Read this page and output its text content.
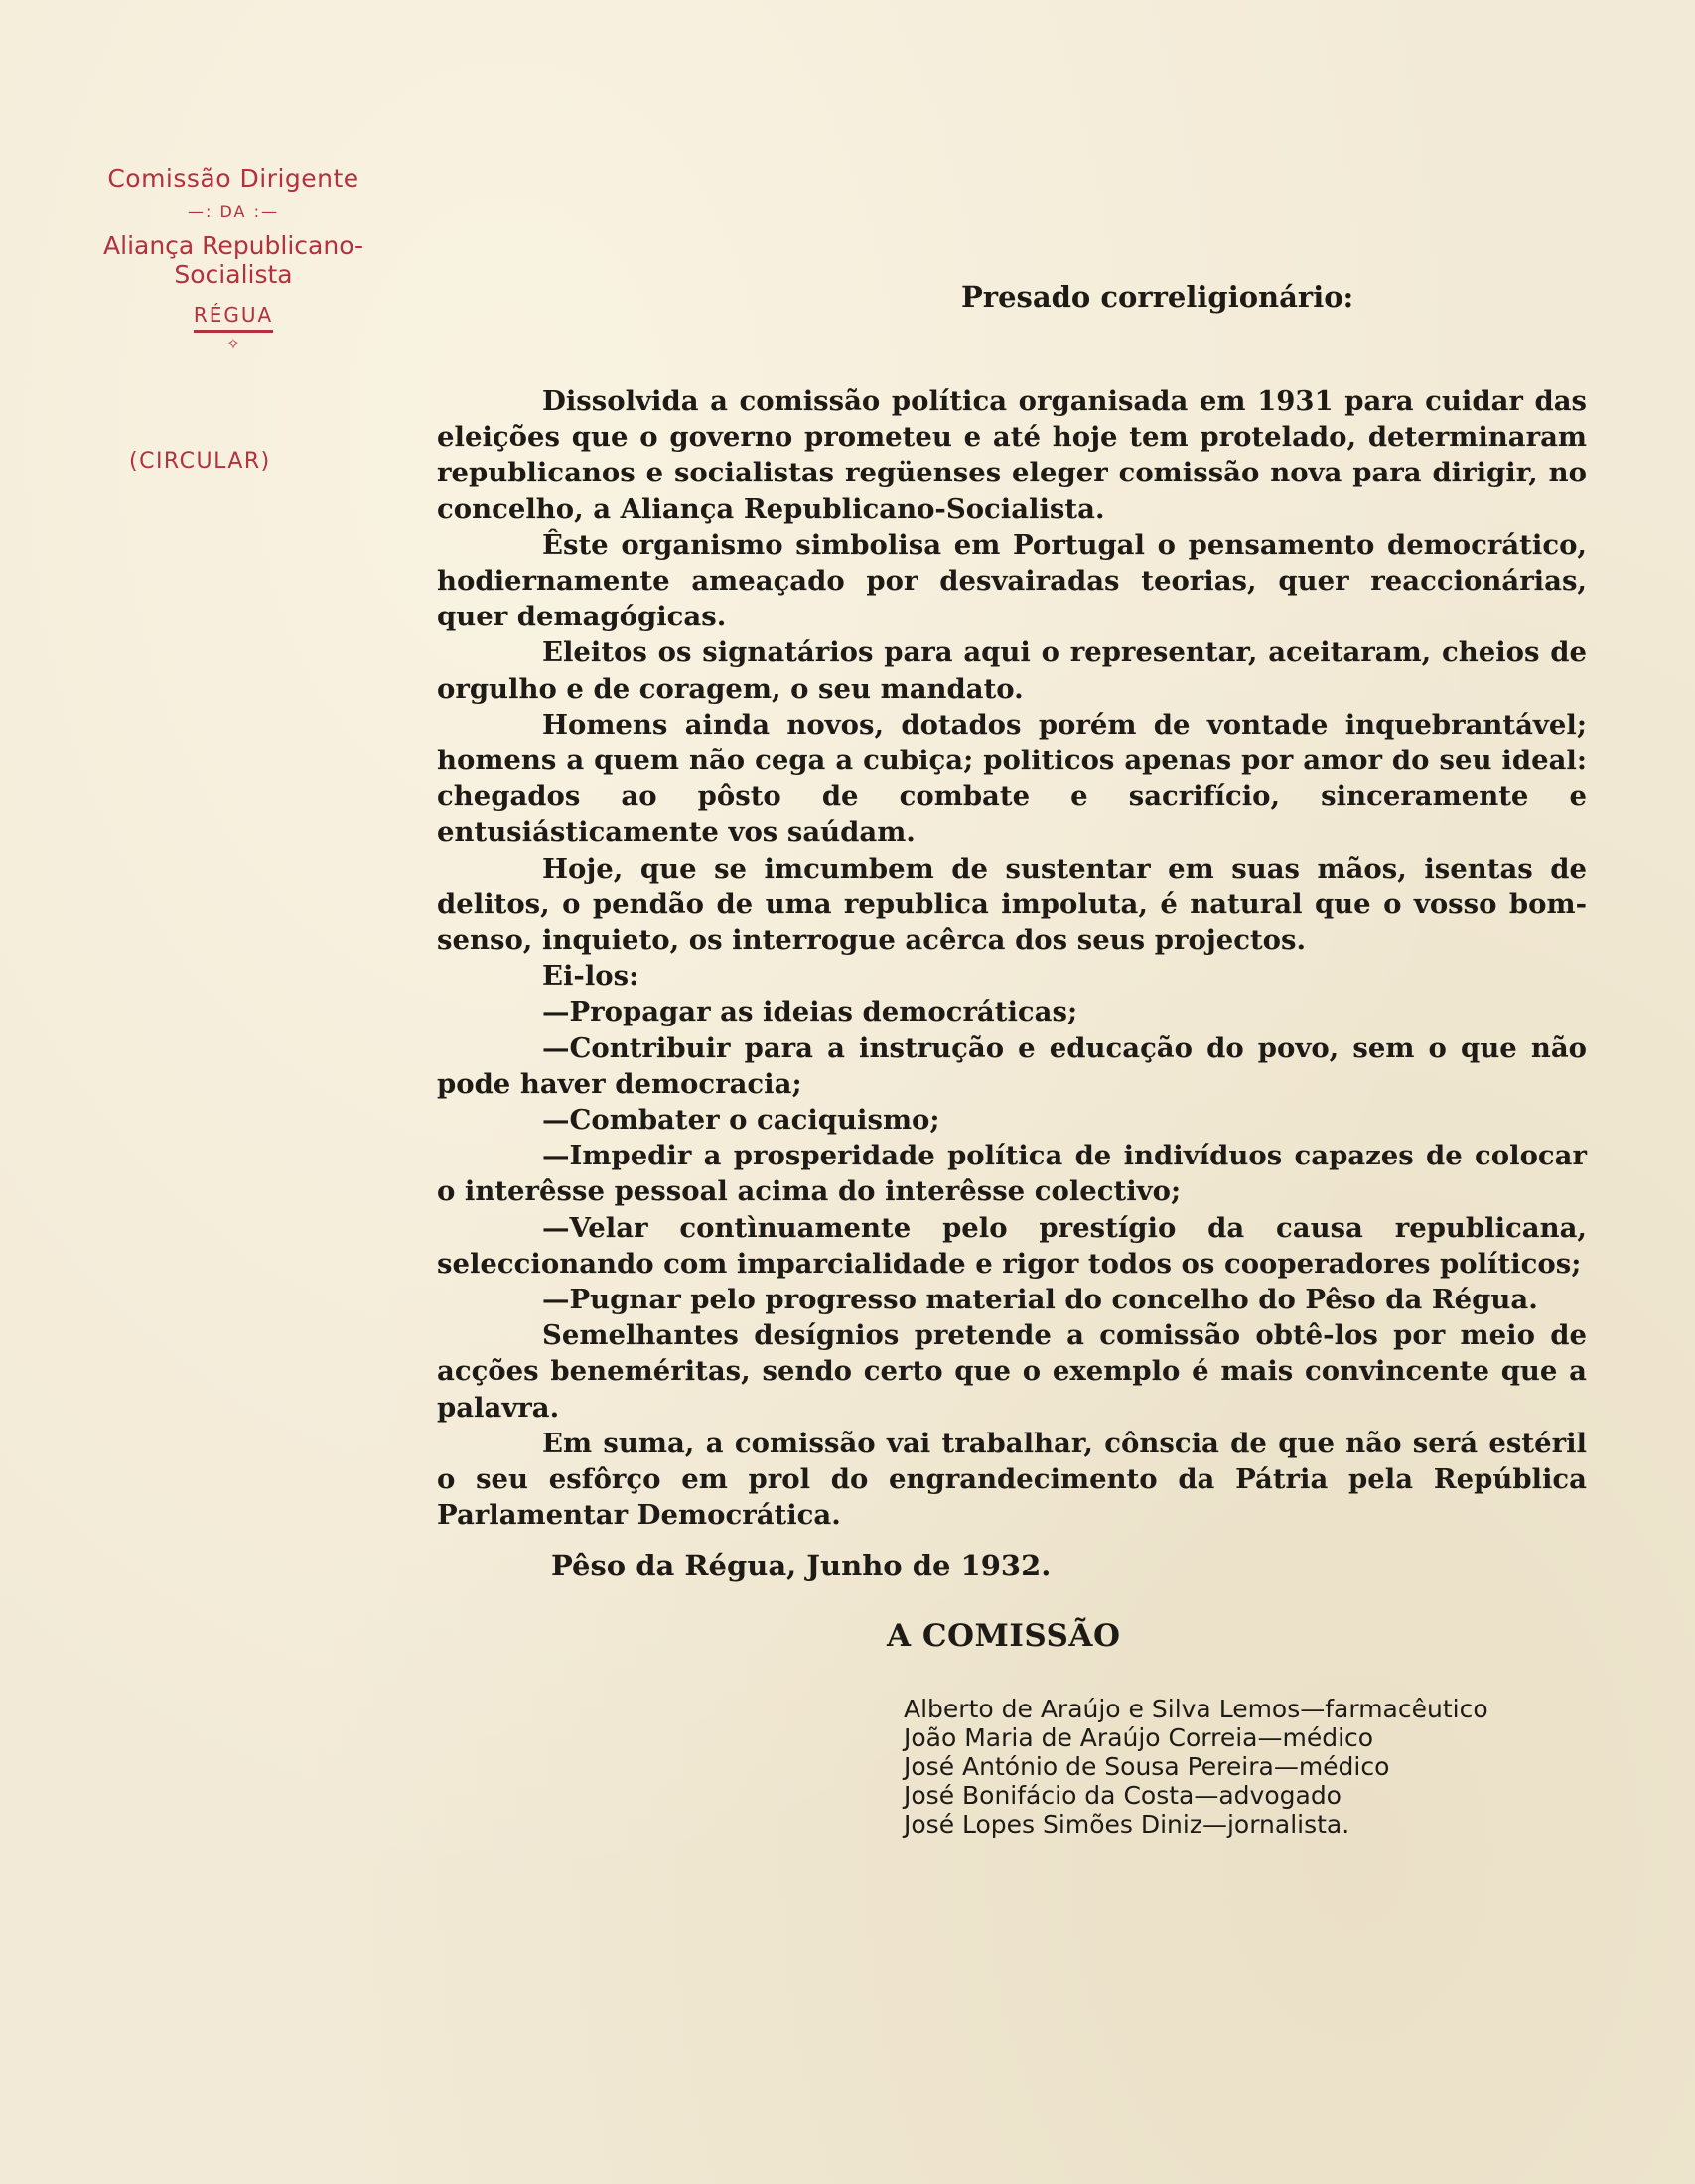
Comissão Dirigente
—: DA :—
Aliança Republicano-Socialista
RÉGUA
✧
(CIRCULAR)
Presado correligionário:

Dissolvida a comissão política organisada em 1931 para cuidar das eleições que o governo prometeu e até hoje tem protelado, determinaram republicanos e socialistas regüenses eleger comissão nova para dirigir, no concelho, a Aliança Republicano-Socialista.

Êste organismo simbolisa em Portugal o pensamento democrático, hodiernamente ameaçado por desvairadas teorias, quer reaccionárias, quer demagógicas.

Eleitos os signatários para aqui o representar, aceitaram, cheios de orgulho e de coragem, o seu mandato.

Homens ainda novos, dotados porém de vontade inquebrantável; homens a quem não cega a cubiça; politicos apenas por amor do seu ideal: chegados ao pôsto de combate e sacrifício, sinceramente e entusiásticamente vos saúdam.

Hoje, que se imcumbem de sustentar em suas mãos, isentas de delitos, o pendão de uma republica impoluta, é natural que o vosso bom-senso, inquieto, os interrogue acêrca dos seus projectos.

Ei-los:

—Propagar as ideias democráticas;

—Contribuir para a instrução e educação do povo, sem o que não pode haver democracia;

—Combater o caciquismo;

—Impedir a prosperidade política de indivíduos capazes de colocar o interêsse pessoal acima do interêsse colectivo;

—Velar contìnuamente pelo prestígio da causa republicana, seleccionando com imparcialidade e rigor todos os cooperadores políticos;

—Pugnar pelo progresso material do concelho do Pêso da Régua.

Semelhantes desígnios pretende a comissão obtê-los por meio de acções beneméritas, sendo certo que o exemplo é mais convincente que a palavra.

Em suma, a comissão vai trabalhar, cônscia de que não será estéril o seu esfôrço em prol do engrandecimento da Pátria pela República Parlamentar Democrática.

Pêso da Régua, Junho de 1932.
A COMISSÃO
Alberto de Araújo e Silva Lemos—farmacêutico
João Maria de Araújo Correia—médico
José António de Sousa Pereira—médico
José Bonifácio da Costa—advogado
José Lopes Simões Diniz—jornalista.
